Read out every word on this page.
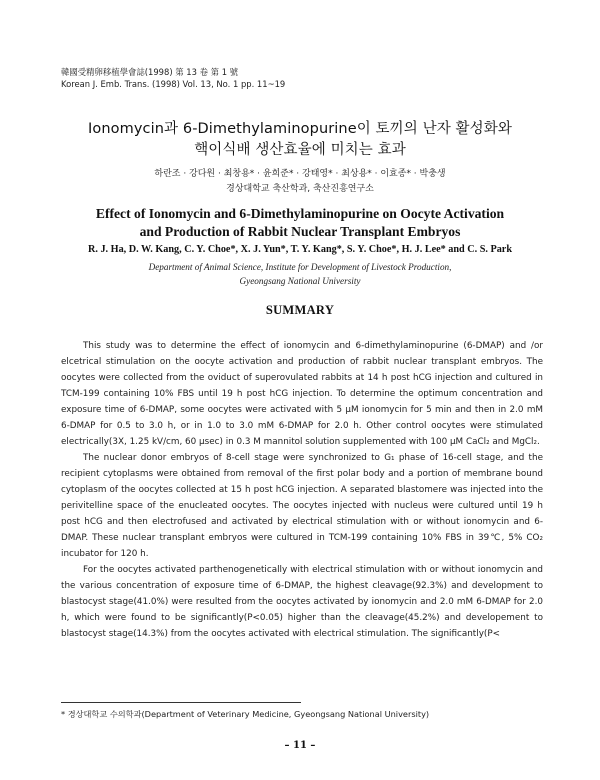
韓國受精卵移植學會誌(1998) 第 13 卷 第 1 號
Korean J. Emb. Trans. (1998) Vol. 13, No. 1 pp. 11~19
Ionomycin과 6-Dimethylaminopurine이 토끼의 난자 활성화와
핵이식배 생산효율에 미치는 효과
하란조 · 강다원 · 최창용* · 윤희준* · 강태영* · 최상용* · 이효종* · 박충생
경상대학교 축산학과, 축산진흥연구소
Effect of Ionomycin and 6-Dimethylaminopurine on Oocyte Activation
and Production of Rabbit Nuclear Transplant Embryos
R. J. Ha, D. W. Kang, C. Y. Choe*, X. J. Yun*, T. Y. Kang*, S. Y. Choe*, H. J. Lee* and C. S. Park
Department of Animal Science, Institute for Development of Livestock Production,
Gyeongsang National University
SUMMARY

This study was to determine the effect of ionomycin and 6-dimethylaminopurine (6-DMAP) and /or elcetrical stimulation on the oocyte activation and production of rabbit nuclear transplant embryos. The oocytes were collected from the oviduct of superovulated rabbits at 14 h post hCG injection and cultured in TCM-199 containing 10% FBS until 19 h post hCG injection. To determine the optimum concentration and exposure time of 6-DMAP, some oocytes were activated with 5 μM ionomycin for 5 min and then in 2.0 mM 6-DMAP for 0.5 to 3.0 h, or in 1.0 to 3.0 mM 6-DMAP for 2.0 h. Other control oocytes were stimulated electrically(3X, 1.25 kV/cm, 60 μsec) in 0.3 M mannitol solution supplemented with 100 μM CaCl₂ and MgCl₂.

The nuclear donor embryos of 8-cell stage were synchronized to G₁ phase of 16-cell stage, and the recipient cytoplasms were obtained from removal of the first polar body and a portion of membrane bound cytoplasm of the oocytes collected at 15 h post hCG injection. A separated blastomere was injected into the perivitelline space of the enucleated oocytes. The oocytes injected with nucleus were cultured until 19 h post hCG and then electrofused and activated by electrical stimulation with or without ionomycin and 6-DMAP. These nuclear transplant embryos were cultured in TCM-199 containing 10% FBS in 39℃, 5% CO₂ incubator for 120 h.

For the oocytes activated parthenogenetically with electrical stimulation with or without ionomycin and the various concentration of exposure time of 6-DMAP, the highest cleavage(92.3%) and development to blastocyst stage(41.0%) were resulted from the oocytes activated by ionomycin and 2.0 mM 6-DMAP for 2.0 h, which were found to be significantly(P<0.05) higher than the cleavage(45.2%) and developement to blastocyst stage(14.3%) from the oocytes activated with electrical stimulation. The significantly(P<

* 경상대학교 수의학과(Department of Veterinary Medicine, Gyeongsang National University)
– 11 –
